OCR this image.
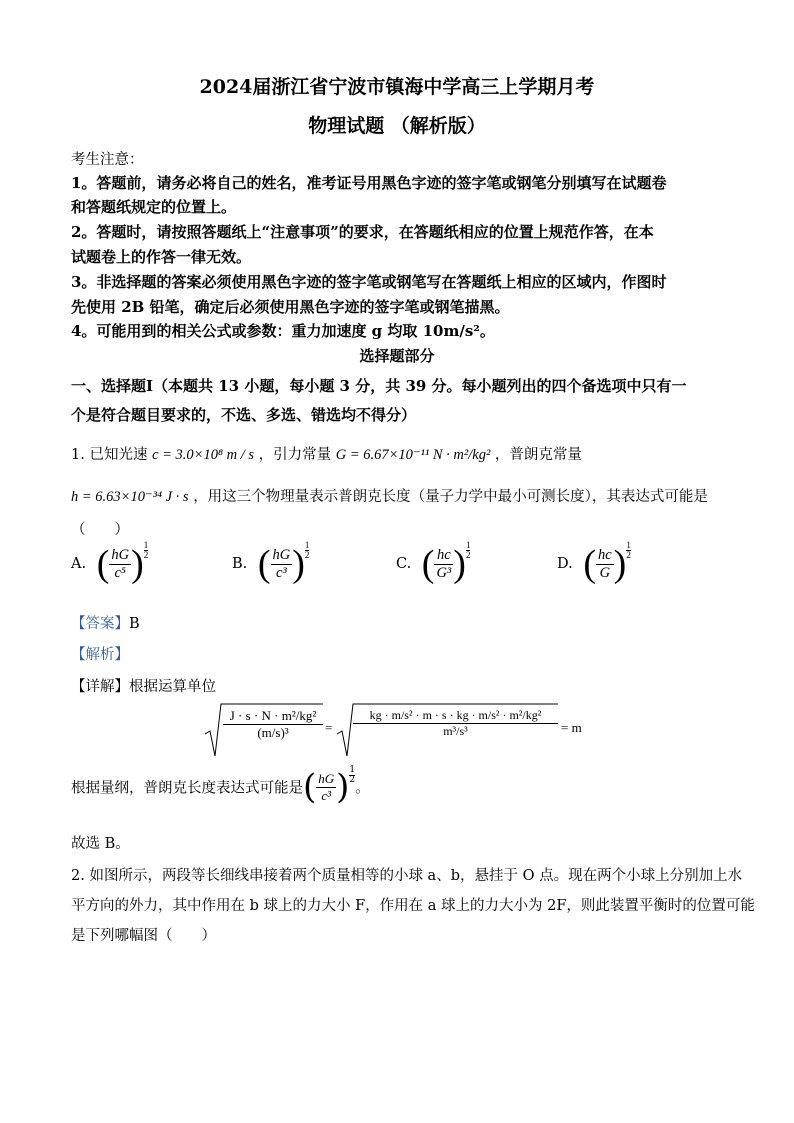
2024届浙江省宁波市镇海中学高三上学期月考
物理试题 （解析版）
考生注意：
1。答题前，请务必将自己的姓名，准考证号用黑色字迹的签字笔或钢笔分别填写在试题卷
和答题纸规定的位置上。
2。答题时，请按照答题纸上“注意事项”的要求，在答题纸相应的位置上规范作答，在本
试题卷上的作答一律无效。
3。非选择题的答案必须使用黑色字迹的签字笔或钢笔写在答题纸上相应的区域内，作图时
先使用 2B 铅笔，确定后必须使用黑色字迹的签字笔或钢笔描黑。
4。可能用到的相关公式或参数：重力加速度 g 均取 10m/s²。
选择题部分
一、选择题Ⅰ（本题共 13 小题，每小题 3 分，共 39 分。每小题列出的四个备选项中只有一
个是符合题目要求的，不选、多选、错选均不得分）
1. 已知光速 c = 3.0×10⁸ m / s ，引力常量 G = 6.67×10⁻¹¹ N · m²/kg² ，普朗克常量
h = 6.63×10⁻³⁴ J · s ，用这三个物理量表示普朗克长度（量子力学中最小可测长度），其表达式可能是
（　　）
A. ( $\frac{hG}{\text{c⁵}}$ ) $\frac{1}{2}$
B. ( $\frac{hG}{\text{c³}}$ ) $\frac{1}{2}$
C. ( $\frac{hc}{\text{G³}}$ ) $\frac{1}{2}$
D. ( $\frac{hc}{G}$ ) $\frac{1}{2}$
【答案】B
【解析】
【详解】根据运算单位
$\frac{\text{J · s · N · m²/kg²}}{\text{(m/s)³}} = \frac{\text{kg · m/s² · m · s · kg · m/s² · m²/kg²}}{\text{m³/s³}} = m$
根据量纲，普朗克长度表达式可能是( $\frac{hG}{\text{c³}}$ ) $\frac{1}{2}$
。
故选 B。
2. 如图所示，两段等长细线串接着两个质量相等的小球 a、b，悬挂于 O 点。现在两个小球上分别加上水
平方向的外力，其中作用在 b 球上的力大小 F，作用在 a 球上的力大小为 2F，则此装置平衡时的位置可能
是下列哪幅图（　　）
